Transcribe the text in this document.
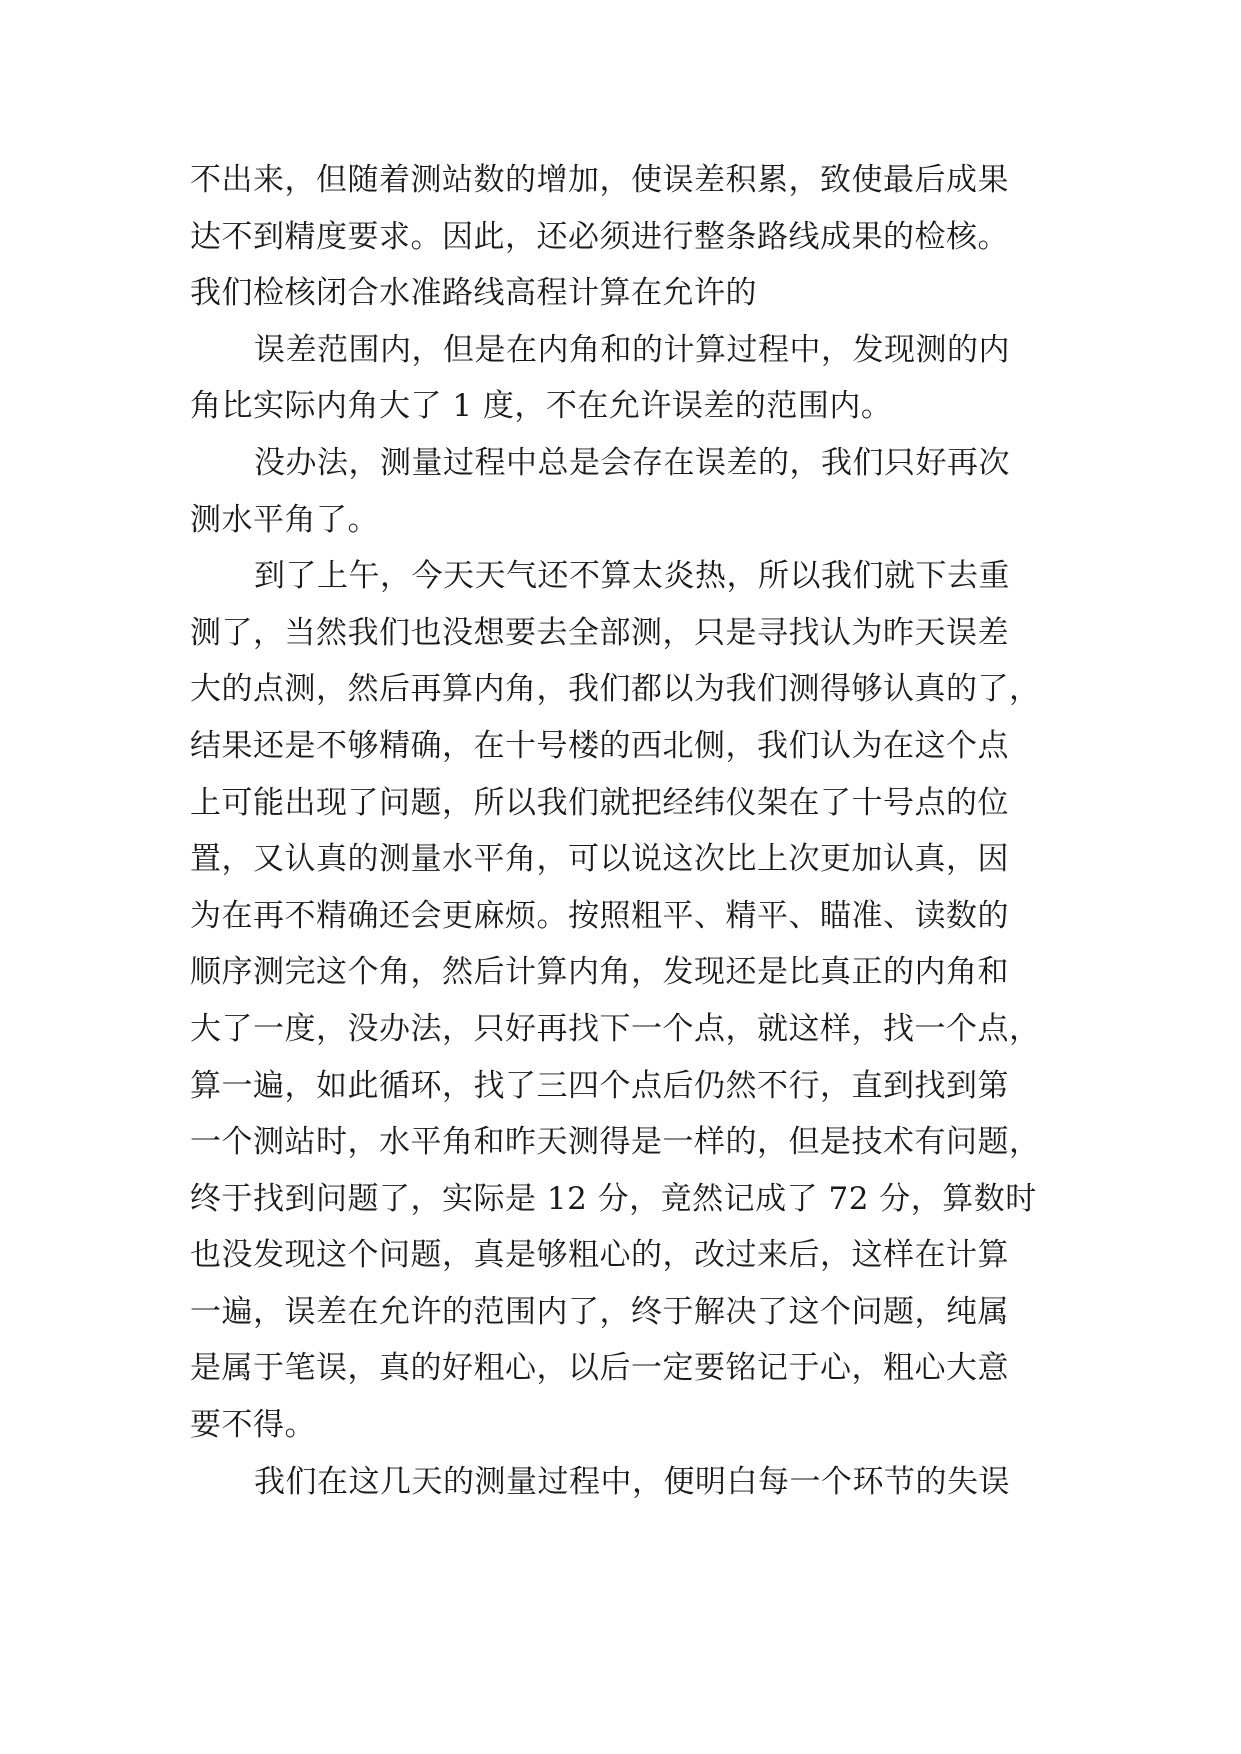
不出来，但随着测站数的增加，使误差积累，致使最后成果
达不到精度要求。因此，还必须进行整条路线成果的检核。
我们检核闭合水准路线高程计算在允许的
误差范围内，但是在内角和的计算过程中，发现测的内
角比实际内角大了 1 度，不在允许误差的范围内。
没办法，测量过程中总是会存在误差的，我们只好再次
测水平角了。
到了上午，今天天气还不算太炎热，所以我们就下去重
测了，当然我们也没想要去全部测，只是寻找认为昨天误差
大的点测，然后再算内角，我们都以为我们测得够认真的了，
结果还是不够精确，在十号楼的西北侧，我们认为在这个点
上可能出现了问题，所以我们就把经纬仪架在了十号点的位
置，又认真的测量水平角，可以说这次比上次更加认真，因
为在再不精确还会更麻烦。按照粗平、精平、瞄准、读数的
顺序测完这个角，然后计算内角，发现还是比真正的内角和
大了一度，没办法，只好再找下一个点，就这样，找一个点，
算一遍，如此循环，找了三四个点后仍然不行，直到找到第
一个测站时，水平角和昨天测得是一样的，但是技术有问题，
终于找到问题了，实际是 12 分，竟然记成了 72 分，算数时
也没发现这个问题，真是够粗心的，改过来后，这样在计算
一遍，误差在允许的范围内了，终于解决了这个问题，纯属
是属于笔误，真的好粗心，以后一定要铭记于心，粗心大意
要不得。
我们在这几天的测量过程中，便明白每一个环节的失误
